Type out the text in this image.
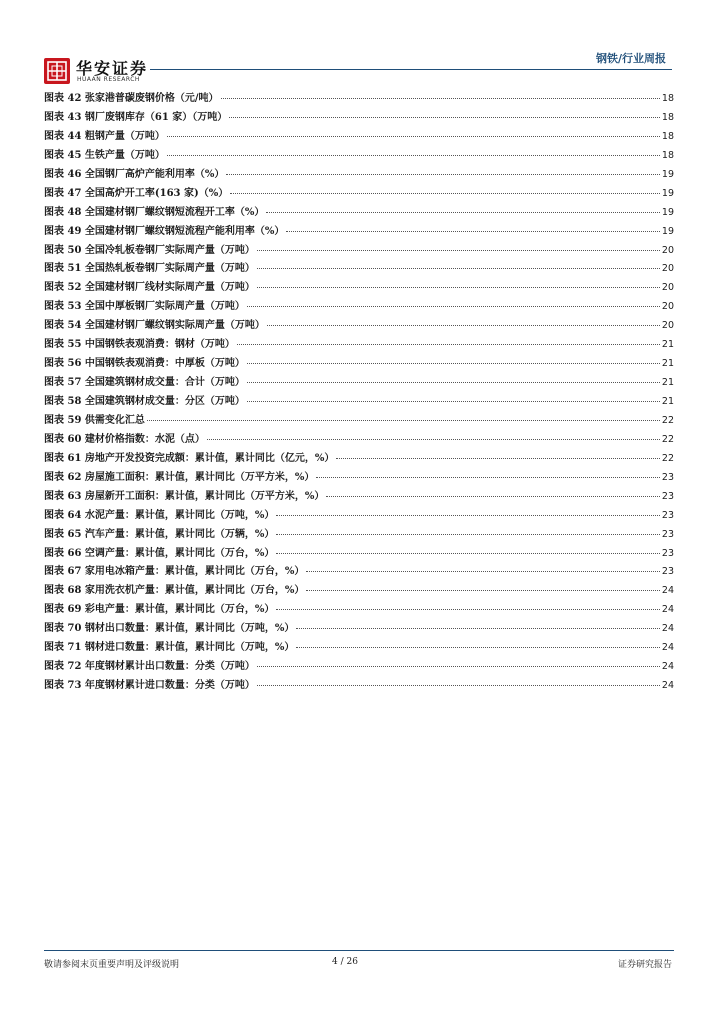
华安证券
HUAAN RESEARCH
钢铁/行业周报
图表 42 张家港普碳废钢价格（元/吨）	18
图表 43 钢厂废钢库存（61 家）（万吨）	18
图表 44 粗钢产量（万吨）	18
图表 45 生铁产量（万吨）	18
图表 46 全国钢厂高炉产能利用率（%）	19
图表 47 全国高炉开工率(163 家)（%）	19
图表 48 全国建材钢厂螺纹钢短流程开工率（%）	19
图表 49 全国建材钢厂螺纹钢短流程产能利用率（%）	19
图表 50 全国冷轧板卷钢厂实际周产量（万吨）	20
图表 51 全国热轧板卷钢厂实际周产量（万吨）	20
图表 52 全国建材钢厂线材实际周产量（万吨）	20
图表 53 全国中厚板钢厂实际周产量（万吨）	20
图表 54 全国建材钢厂螺纹钢实际周产量（万吨）	20
图表 55 中国钢铁表观消费：钢材（万吨）	21
图表 56 中国钢铁表观消费：中厚板（万吨）	21
图表 57 全国建筑钢材成交量：合计（万吨）	21
图表 58 全国建筑钢材成交量：分区（万吨）	21
图表 59 供需变化汇总	22
图表 60 建材价格指数：水泥（点）	22
图表 61 房地产开发投资完成额：累计值，累计同比（亿元，%）	22
图表 62 房屋施工面积：累计值，累计同比（万平方米，%）	23
图表 63 房屋新开工面积：累计值，累计同比（万平方米，%）	23
图表 64 水泥产量：累计值，累计同比（万吨，%）	23
图表 65 汽车产量：累计值，累计同比（万辆，%）	23
图表 66 空调产量：累计值，累计同比（万台，%）	23
图表 67 家用电冰箱产量：累计值，累计同比（万台，%）	23
图表 68 家用洗衣机产量：累计值，累计同比（万台，%）	24
图表 69 彩电产量：累计值，累计同比（万台，%）	24
图表 70 钢材出口数量：累计值，累计同比（万吨，%）	24
图表 71 钢材进口数量：累计值，累计同比（万吨，%）	24
图表 72 年度钢材累计出口数量：分类（万吨）	24
图表 73 年度钢材累计进口数量：分类（万吨）	24
敬请参阅末页重要声明及评级说明	4 / 26	证券研究报告
